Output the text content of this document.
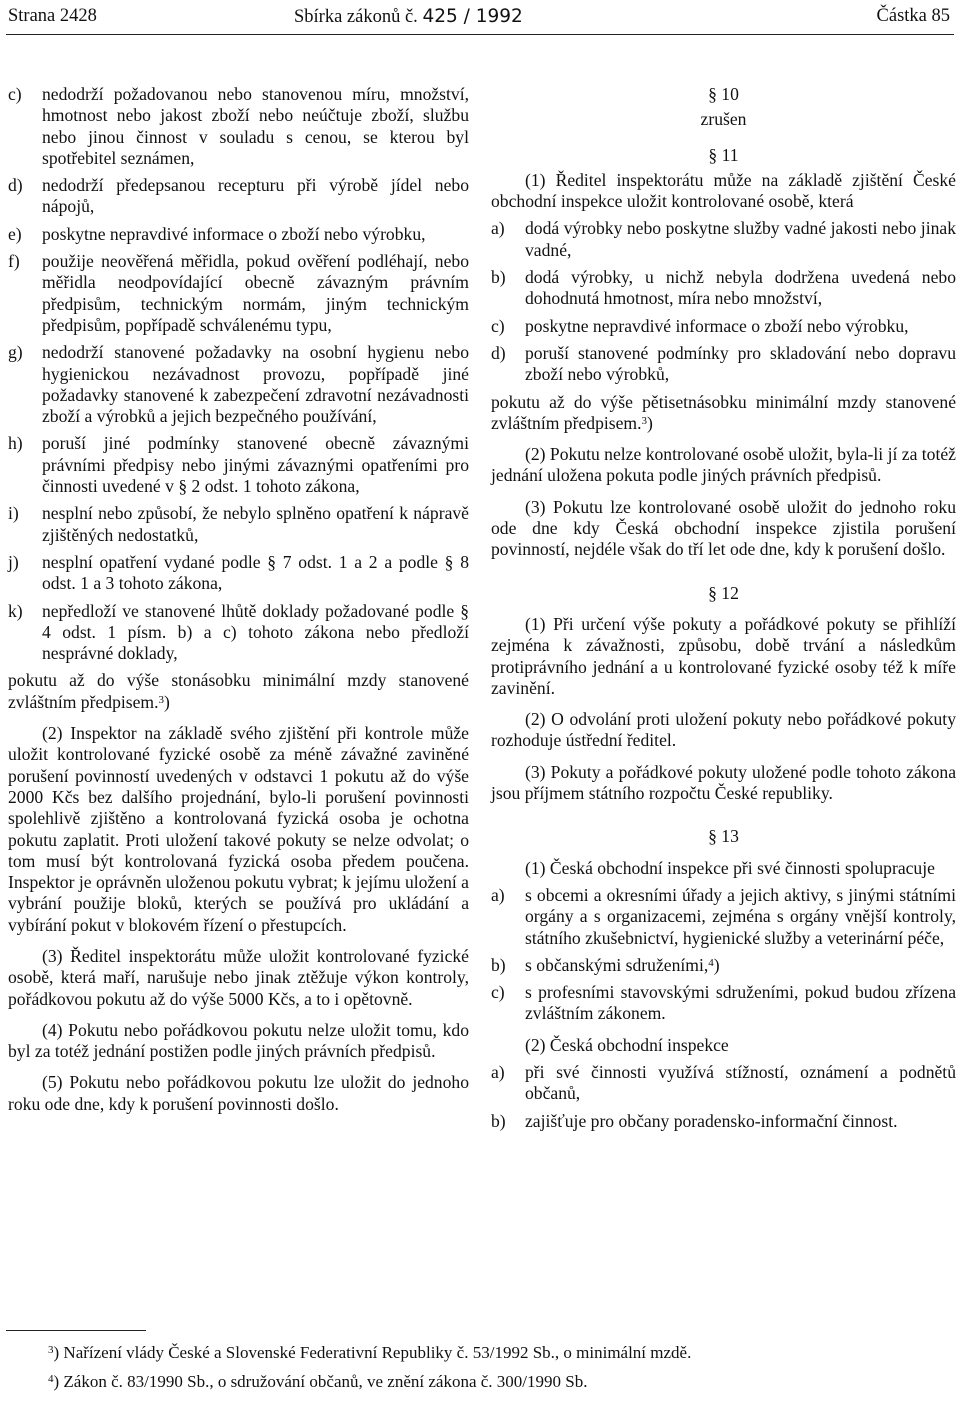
Strana 2428	Sbírka zákonů č. 425 / 1992	Částka 85
c) nedodrží požadovanou nebo stanovenou míru, množství, hmotnost nebo jakost zboží nebo neúčtuje zboží, službu nebo jinou činnost v souladu s cenou, se kterou byl spotřebitel seznámen,
d) nedodrží předepsanou recepturu při výrobě jídel nebo nápojů,
e) poskytne nepravdivé informace o zboží nebo výrobku,
f) použije neověřená měřidla, pokud ověření podléhají, nebo měřidla neodpovídající obecně závazným právním předpisům, technickým normám, jiným technickým předpisům, popřípadě schválenému typu,
g) nedodrží stanovené požadavky na osobní hygienu nebo hygienickou nezávadnost provozu, popřípadě jiné požadavky stanovené k zabezpečení zdravotní nezávadnosti zboží a výrobků a jejich bezpečného používání,
h) poruší jiné podmínky stanovené obecně závaznými právními předpisy nebo jinými závaznými opatřeními pro činnosti uvedené v § 2 odst. 1 tohoto zákona,
i) nesplní nebo způsobí, že nebylo splněno opatření k nápravě zjištěných nedostatků,
j) nesplní opatření vydané podle § 7 odst. 1 a 2 a podle § 8 odst. 1 a 3 tohoto zákona,
k) nepředloží ve stanovené lhůtě doklady požadované podle § 4 odst. 1 písm. b) a c) tohoto zákona nebo předloží nesprávné doklady,
pokutu až do výše stonásobku minimální mzdy stanovené zvláštním předpisem.$^3$)
(2) Inspektor na základě svého zjištění při kontrole může uložit kontrolované fyzické osobě za méně závažné zaviněné porušení povinností uvedených v odstavci 1 pokutu až do výše 2000 Kčs bez dalšího projednání, bylo-li porušení povinnosti spolehlivě zjištěno a kontrolovaná fyzická osoba je ochotna pokutu zaplatit. Proti uložení takové pokuty se nelze odvolat; o tom musí být kontrolovaná fyzická osoba předem poučena. Inspektor je oprávněn uloženou pokutu vybrat; k jejímu uložení a vybrání použije bloků, kterých se používá pro ukládání a vybírání pokut v blokovém řízení o přestupcích.
(3) Ředitel inspektorátu může uložit kontrolované fyzické osobě, která maří, narušuje nebo jinak ztěžuje výkon kontroly, pořádkovou pokutu až do výše 5000 Kčs, a to i opětovně.
(4) Pokutu nebo pořádkovou pokutu nelze uložit tomu, kdo byl za totéž jednání postižen podle jiných právních předpisů.
(5) Pokutu nebo pořádkovou pokutu lze uložit do jednoho roku ode dne, kdy k porušení povinnosti došlo.
§ 10
zrušen
§ 11
(1) Ředitel inspektorátu může na základě zjištění České obchodní inspekce uložit kontrolované osobě, která
a) dodá výrobky nebo poskytne služby vadné jakosti nebo jinak vadné,
b) dodá výrobky, u nichž nebyla dodržena uvedená nebo dohodnutá hmotnost, míra nebo množství,
c) poskytne nepravdivé informace o zboží nebo výrobku,
d) poruší stanovené podmínky pro skladování nebo dopravu zboží nebo výrobků,
pokutu až do výše pětisetnásobku minimální mzdy stanovené zvláštním předpisem.$^3$)
(2) Pokutu nelze kontrolované osobě uložit, byla-li jí za totéž jednání uložena pokuta podle jiných právních předpisů.
(3) Pokutu lze kontrolované osobě uložit do jednoho roku ode dne kdy Česká obchodní inspekce zjistila porušení povinností, nejdéle však do tří let ode dne, kdy k porušení došlo.
§ 12
(1) Při určení výše pokuty a pořádkové pokuty se přihlíží zejména k závažnosti, způsobu, době trvání a následkům protiprávního jednání a u kontrolované fyzické osoby též k míře zavinění.
(2) O odvolání proti uložení pokuty nebo pořádkové pokuty rozhoduje ústřední ředitel.
(3) Pokuty a pořádkové pokuty uložené podle tohoto zákona jsou příjmem státního rozpočtu České republiky.
§ 13
(1) Česká obchodní inspekce při své činnosti spolupracuje
a) s obcemi a okresními úřady a jejich aktivy, s jinými státními orgány a s organizacemi, zejména s orgány vnější kontroly, státního zkušebnictví, hygienické služby a veterinární péče,
b) s občanskými sdruženími,$^4$)
c) s profesními stavovskými sdruženími, pokud budou zřízena zvláštním zákonem.
(2) Česká obchodní inspekce
a) při své činnosti využívá stížností, oznámení a podnětů občanů,
b) zajišťuje pro občany poradensko-informační činnost.
$^3$) Nařízení vlády České a Slovenské Federativní Republiky č. 53/1992 Sb., o minimální mzdě.
$^4$) Zákon č. 83/1990 Sb., o sdružování občanů, ve znění zákona č. 300/1990 Sb.
